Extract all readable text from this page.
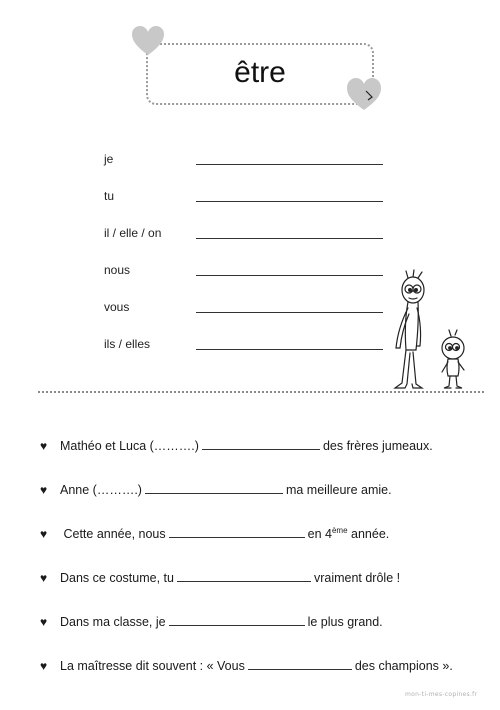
être
je
tu
il / elle / on
nous
vous
ils / elles
♥ Mathéo et Luca (……….)	des frères jumeaux.
♥ Anne (……….)	ma meilleure amie.
♥ Cette année, nous	en 4ème année.
♥ Dans ce costume, tu	vraiment drôle !
♥ Dans ma classe, je	le plus grand.
♥ La maîtresse dit souvent : « Vous	des champions ».
mon-ti-mes-copines.fr
